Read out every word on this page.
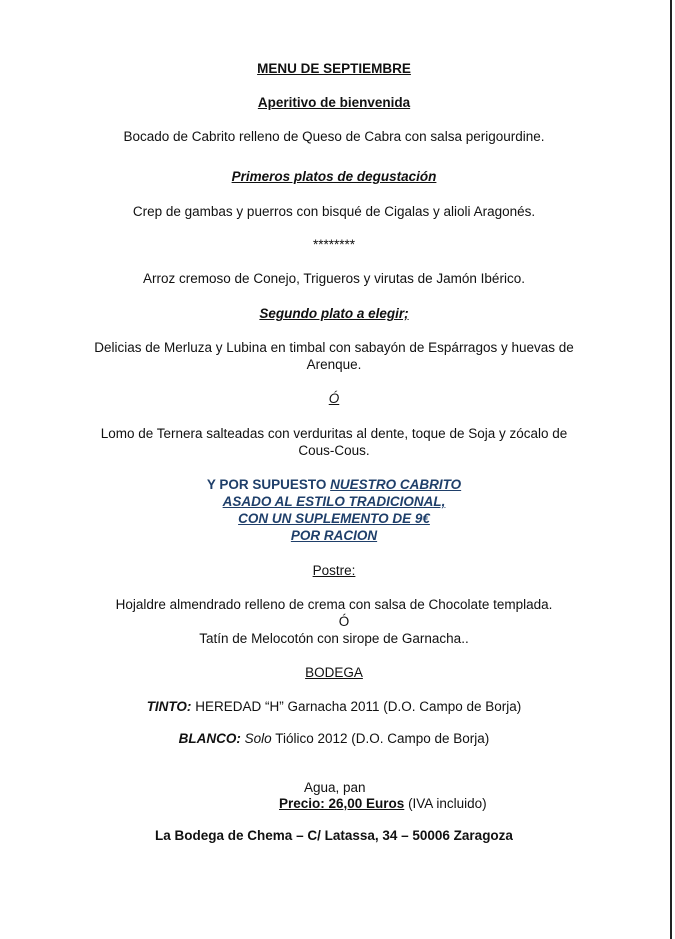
MENU DE SEPTIEMBRE
Aperitivo de bienvenida
Bocado de Cabrito relleno de Queso de Cabra con salsa perigourdine.
Primeros platos de degustación
Crep de gambas y puerros con bisqué de Cigalas y alioli Aragonés.
********
Arroz cremoso de Conejo, Trigueros y virutas de Jamón Ibérico.
Segundo plato a elegir;
Delicias de Merluza y Lubina en timbal con sabayón de Espárragos y huevas de
Arenque.
Ó
Lomo de Ternera salteadas con verduritas al dente, toque de Soja y zócalo de
Cous-Cous.
Y POR SUPUESTO NUESTRO CABRITO
ASADO AL ESTILO TRADICIONAL,
CON UN SUPLEMENTO DE 9€
POR RACION
Postre:
Hojaldre almendrado relleno de crema con salsa de Chocolate templada.
Ó
Tatín de Melocotón con sirope de Garnacha..
BODEGA
TINTO: HEREDAD “H” Garnacha 2011 (D.O. Campo de Borja)
BLANCO: Solo Tiólico 2012 (D.O. Campo de Borja)
Agua, pan
Precio: 26,00 Euros (IVA incluido)
La Bodega de Chema – C/ Latassa, 34 – 50006 Zaragoza
